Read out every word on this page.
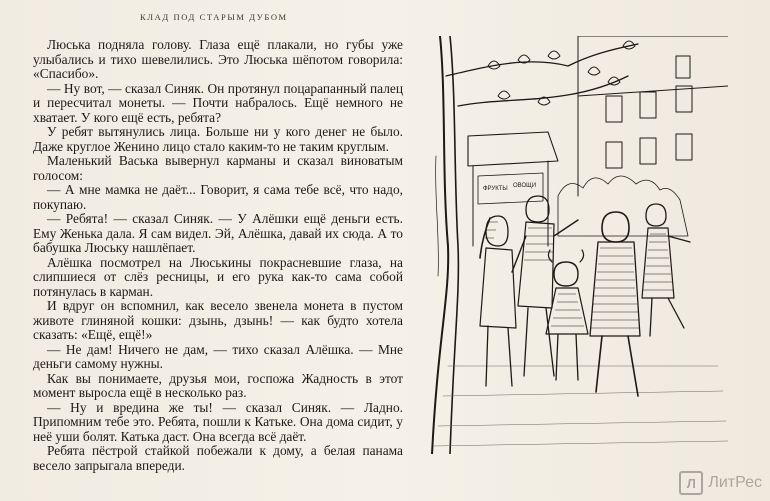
КЛАД ПОД СТАРЫМ ДУБОМ

Люська подняла голову. Глаза ещё плакали, но губы уже улыбались и тихо шевелились. Это Люська шёпотом говорила: «Спасибо».

— Ну вот, — сказал Синяк. Он протянул поцарапанный палец и пересчитал монеты. — Почти набралось. Ещё немного не хватает. У кого ещё есть, ребята?

У ребят вытянулись лица. Больше ни у кого денег не было. Даже круглое Женино лицо стало каким-то не таким круглым.

Маленький Васька вывернул карманы и сказал виноватым голосом:

— А мне мамка не даёт... Говорит, я сама тебе всё, что надо, покупаю.

— Ребята! — сказал Синяк. — У Алёшки ещё деньги есть. Ему Женька дала. Я сам видел. Эй, Алёшка, давай их сюда. А то бабушка Люську нашлёпает.

Алёшка посмотрел на Люськины покрасневшие глаза, на слипшиеся от слёз ресницы, и его рука как-то сама собой потянулась в карман.

И вдруг он вспомнил, как весело звенела монета в пустом животе глиняной кошки: дзынь, дзынь! — как будто хотела сказать: «Ещё, ещё!»

— Не дам! Ничего не дам, — тихо сказал Алёшка. — Мне деньги самому нужны.

Как вы понимаете, друзья мои, госпожа Жадность в этот момент выросла ещё в несколько раз.

— Ну и вредина же ты! — сказал Синяк. — Ладно. Припомним тебе это. Ребята, пошли к Катьке. Она дома сидит, у неё уши болят. Катька даст. Она всегда всё даёт.

Ребята пёстрой стайкой побежали к дому, а белая панама весело запрыгала впереди.

ФРУКТЫ ОВОЩИ
Л ЛитРес
